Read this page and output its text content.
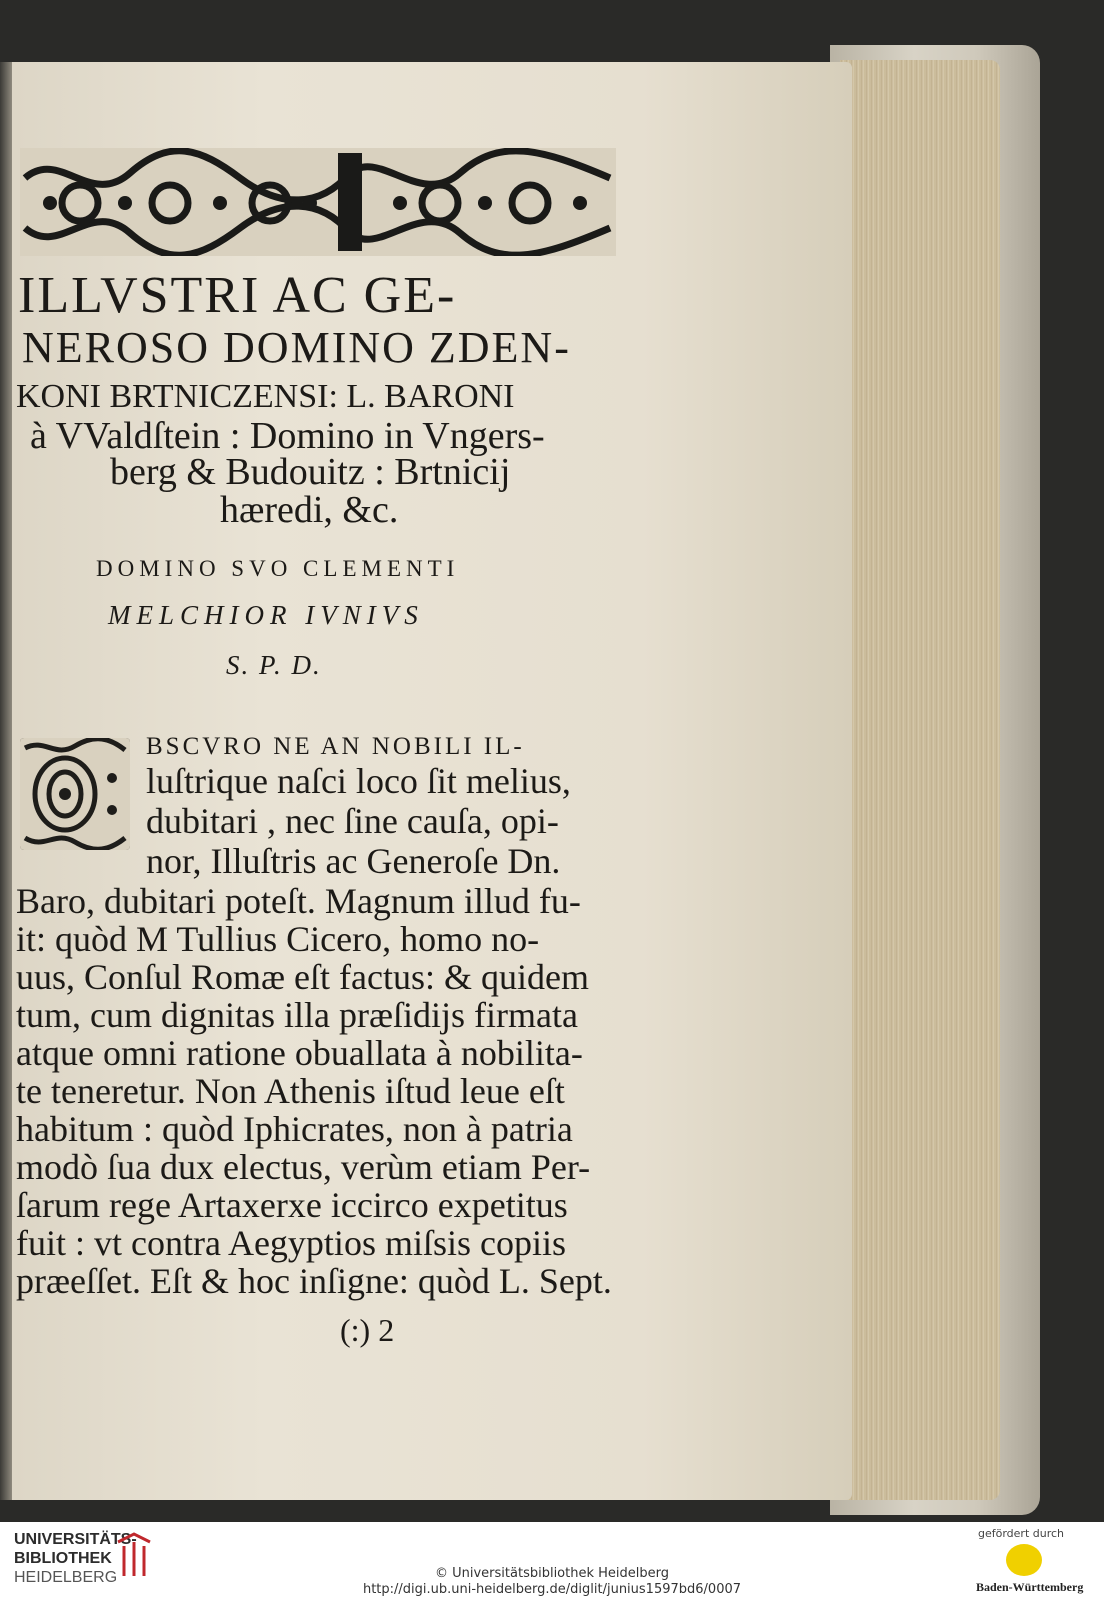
ILLVSTRI AC GE-
NEROSO DOMINO ZDEN-
KONI BRTNICZENSI: L. BARONI
à VValdſtein : Domino in Vngers-
berg & Budouitz : Brtnicij
hæredi, &c.
DOMINO SVO CLEMENTI
MELCHIOR IVNIVS
S. P. D.
BSCVRO NE AN NOBILI IL-
luſtrique naſci loco ſit melius,
dubitari , nec ſine cauſa, opi-
nor, Illuſtris ac Generoſe Dn.
Baro, dubitari poteſt. Magnum illud fu-
it: quòd M Tullius Cicero, homo no-
uus, Conſul Romæ eſt factus: & quidem
tum, cum dignitas illa præſidijs firmata
atque omni ratione obuallata à nobilita-
te teneretur. Non Athenis iſtud leue eſt
habitum : quòd Iphicrates, non à patria
modò ſua dux electus, verùm etiam Per-
ſarum rege Artaxerxe iccirco expetitus
fuit : vt contra Aegyptios miſsis copiis
præeſſet. Eſt & hoc inſigne: quòd L. Sept.
(:) 2
UNIVERSITÄTS-
BIBLIOTHEK
HEIDELBERG	© Universitätsbibliothek Heidelberg
http://digi.ub.uni-heidelberg.de/diglit/junius1597bd6/0007
gefördert durch
Baden-Württemberg
